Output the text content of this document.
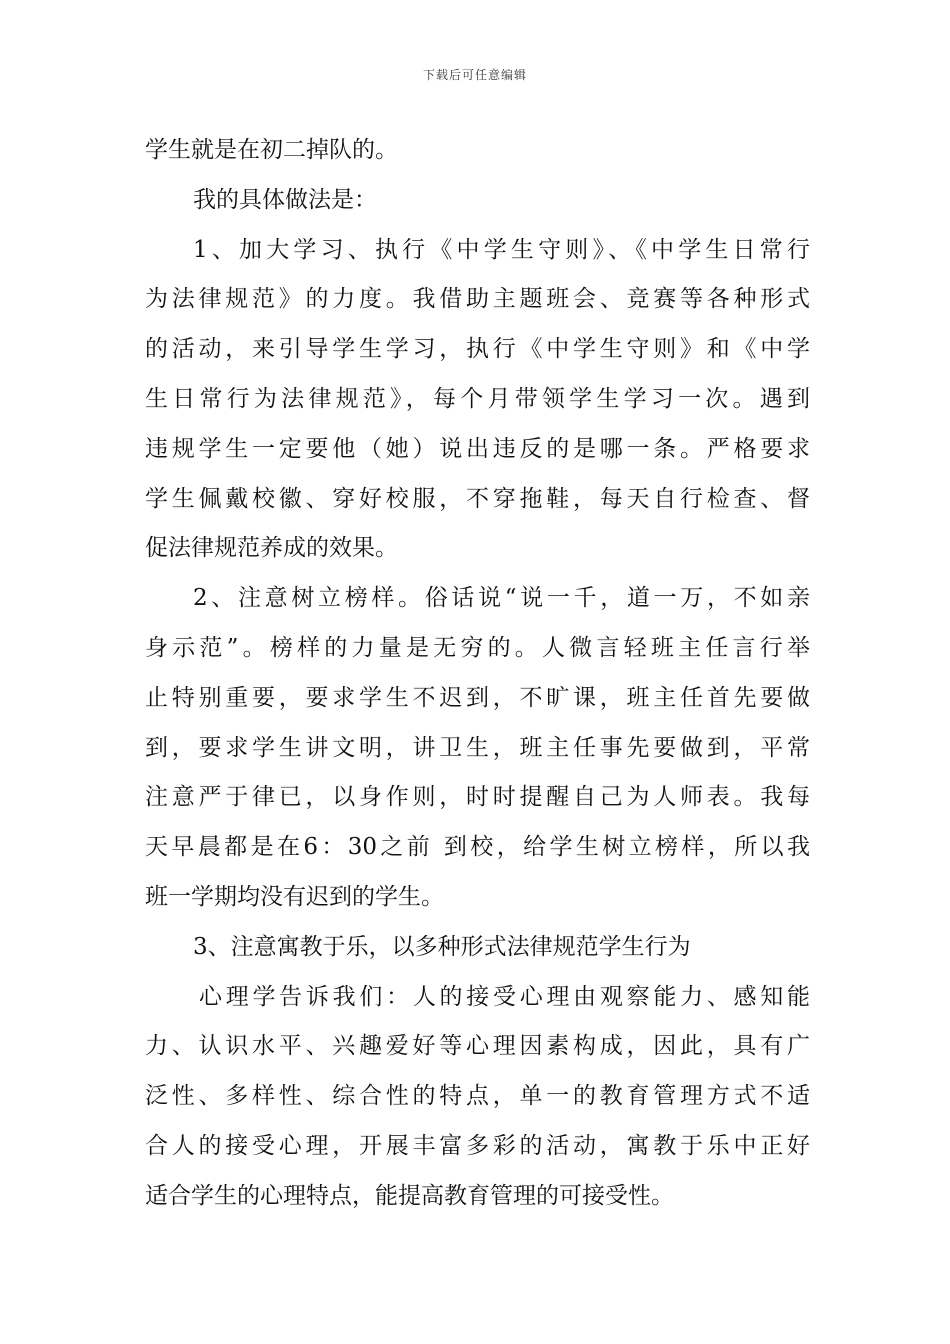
下载后可任意编辑
学生就是在初二掉队的。
我的具体做法是：
1、加大学习、执行《中学生守则》、《中学生日常行
为法律规范》的力度。我借助主题班会、竞赛等各种形式
的活动，来引导学生学习，执行《中学生守则》和《中学
生日常行为法律规范》，每个月带领学生学习一次。遇到
违规学生一定要他（她）说出违反的是哪一条。严格要求
学生佩戴校徽、穿好校服，不穿拖鞋，每天自行检查、督
促法律规范养成的效果。
2、注意树立榜样。俗话说“说一千，道一万，不如亲
身示范”。榜样的力量是无穷的。人微言轻班主任言行举
止特别重要，要求学生不迟到，不旷课，班主任首先要做
到，要求学生讲文明，讲卫生，班主任事先要做到，平常
注意严于律已，以身作则，时时提醒自己为人师表。我每
天早晨都是在6：30之前 到校，给学生树立榜样，所以我
班一学期均没有迟到的学生。
3、注意寓教于乐，以多种形式法律规范学生行为
心理学告诉我们：人的接受心理由观察能力、感知能
力、认识水平、兴趣爱好等心理因素构成，因此，具有广
泛性、多样性、综合性的特点，单一的教育管理方式不适
合人的接受心理，开展丰富多彩的活动，寓教于乐中正好
适合学生的心理特点，能提高教育管理的可接受性。
